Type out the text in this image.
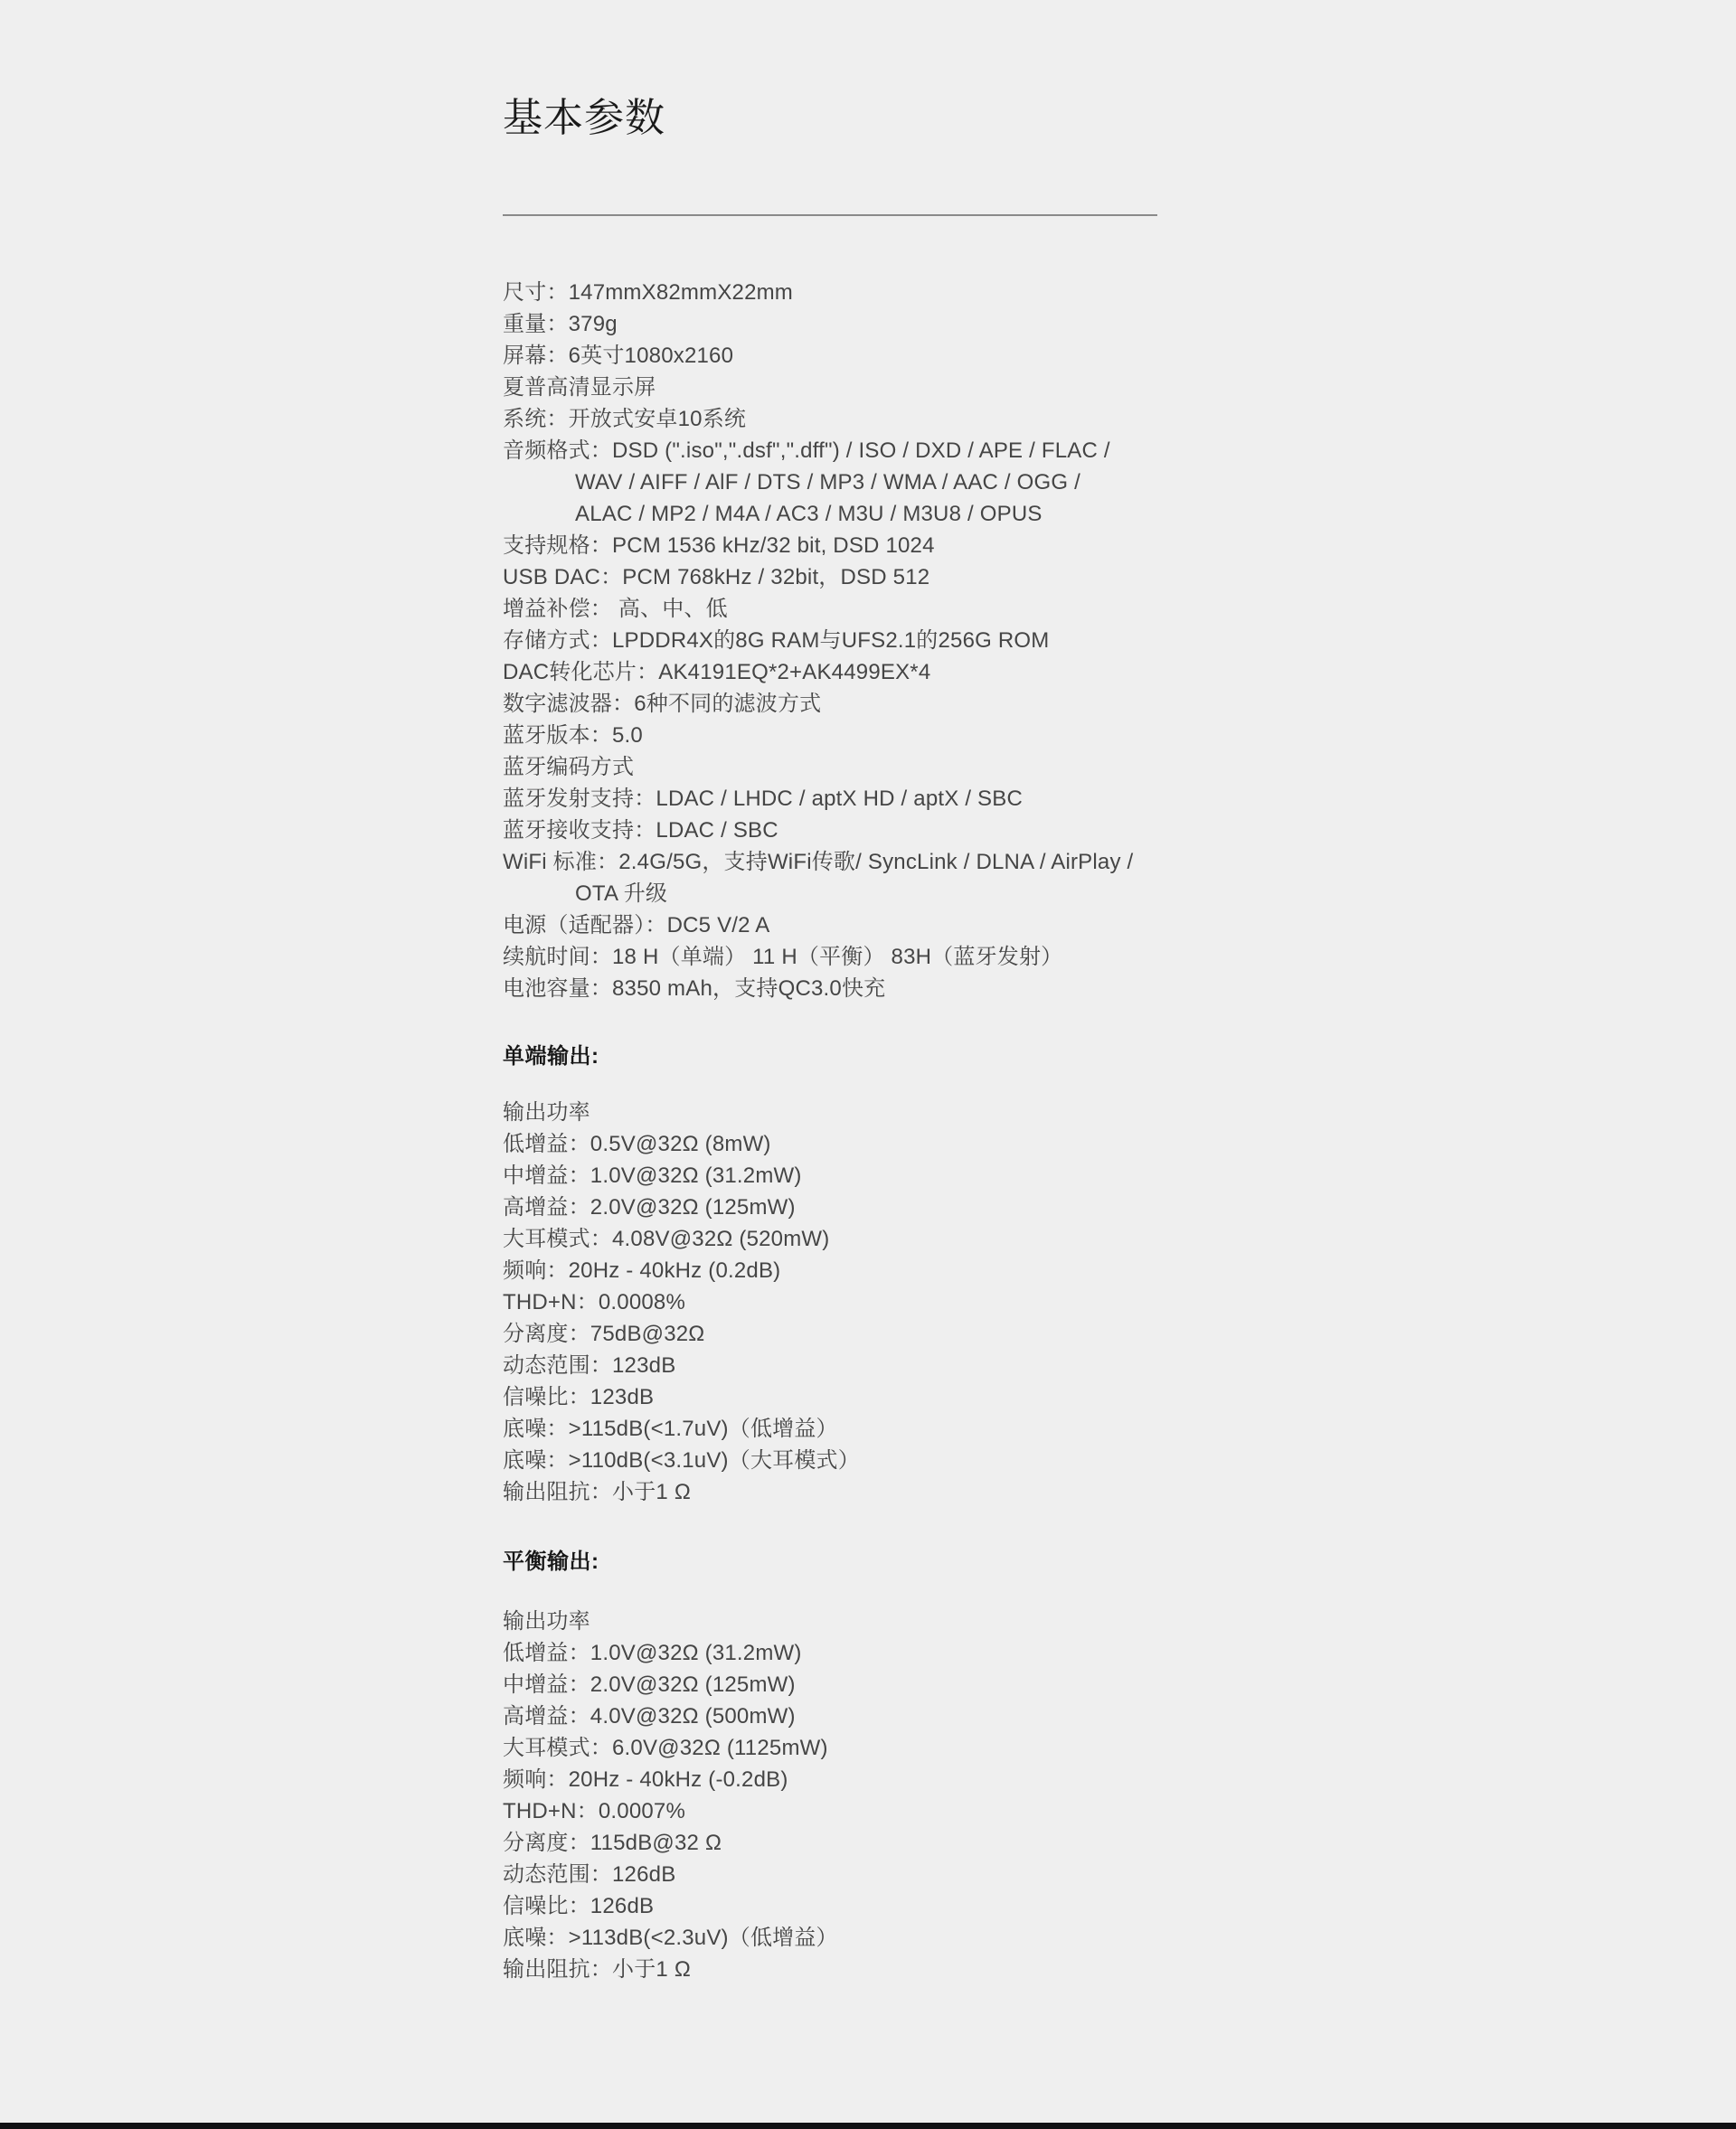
基本参数
尺寸：147mmX82mmX22mm
重量：379g
屏幕：6英寸1080x2160
夏普高清显示屏
系统：开放式安卓10系统
音频格式：DSD (".iso",".dsf",".dff") / ISO / DXD / APE / FLAC /
WAV / AIFF / AlF / DTS / MP3 / WMA / AAC / OGG /
ALAC / MP2 / M4A / AC3 / M3U / M3U8 / OPUS
支持规格：PCM 1536 kHz/32 bit, DSD 1024
USB DAC：PCM 768kHz / 32bit，DSD 512
增益补偿： 高、中、低
存储方式：LPDDR4X的8G RAM与UFS2.1的256G ROM
DAC转化芯片：AK4191EQ*2+AK4499EX*4
数字滤波器：6种不同的滤波方式
蓝牙版本：5.0
蓝牙编码方式
蓝牙发射支持：LDAC / LHDC / aptX HD / aptX / SBC
蓝牙接收支持：LDAC / SBC
WiFi 标准：2.4G/5G，支持WiFi传歌/ SyncLink / DLNA / AirPlay /
OTA 升级
电源（适配器）：DC5 V/2 A
续航时间：18 H（单端） 11 H（平衡） 83H（蓝牙发射）
电池容量：8350 mAh，支持QC3.0快充
单端输出:
输出功率
低增益：0.5V@32Ω (8mW)
中增益：1.0V@32Ω (31.2mW)
高增益：2.0V@32Ω (125mW)
大耳模式：4.08V@32Ω (520mW)
频响：20Hz - 40kHz (0.2dB)
THD+N：0.0008%
分离度：75dB@32Ω
动态范围：123dB
信噪比：123dB
底噪：>115dB(<1.7uV)（低增益）
底噪：>110dB(<3.1uV)（大耳模式）
输出阻抗：小于1 Ω
平衡输出:
输出功率
低增益：1.0V@32Ω (31.2mW)
中增益：2.0V@32Ω (125mW)
高增益：4.0V@32Ω (500mW)
大耳模式：6.0V@32Ω (1125mW)
频响：20Hz - 40kHz (-0.2dB)
THD+N：0.0007%
分离度：115dB@32 Ω
动态范围：126dB
信噪比：126dB
底噪：>113dB(<2.3uV)（低增益）
输出阻抗：小于1 Ω
